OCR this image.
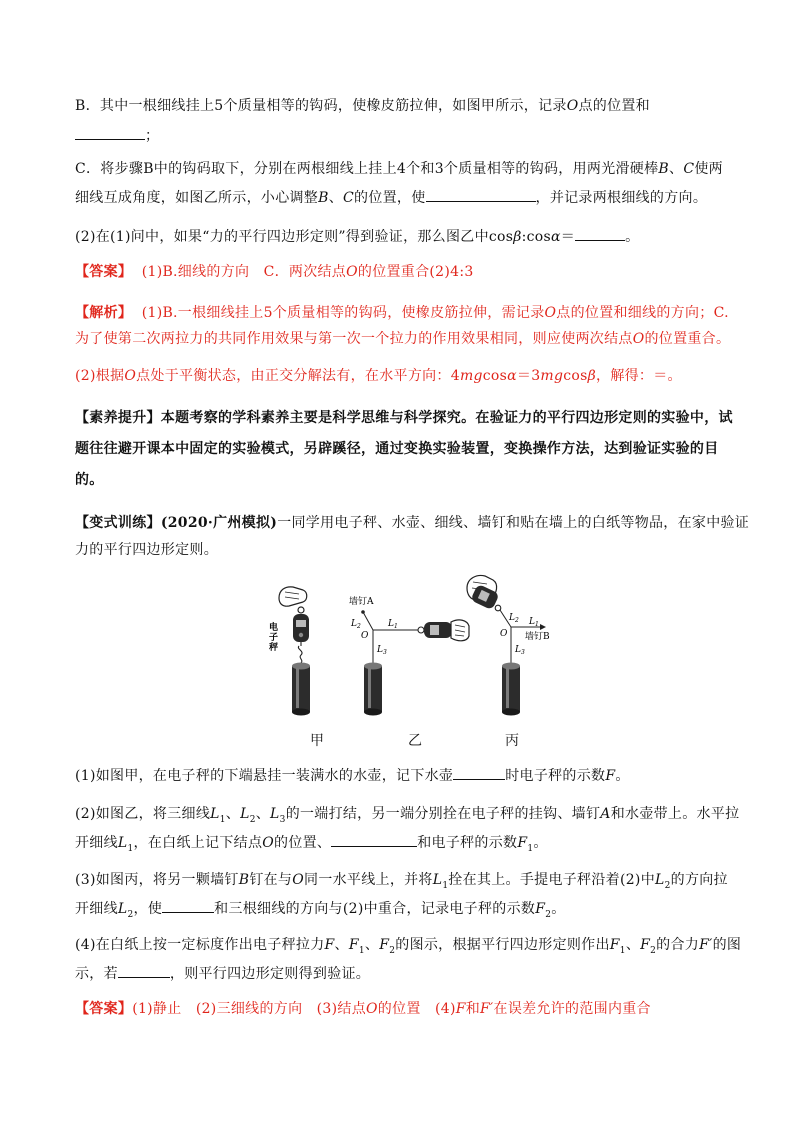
B．其中一根细线挂上5个质量相等的钩码，使橡皮筋拉伸，如图甲所示，记录O点的位置和
；
C．将步骤B中的钩码取下，分别在两根细线上挂上4个和3个质量相等的钩码，用两光滑硬棒B、C使两
细线互成角度，如图乙所示，小心调整B、C的位置，使	，并记录两根细线的方向。
(2)在(1)问中，如果“力的平行四边形定则”得到验证，那么图乙中cosβ:cosα＝	。
【答案】 (1)B.细线的方向　C．两次结点O的位置重合(2)4:3
【解析】 (1)B.一根细线挂上5个质量相等的钩码，使橡皮筋拉伸，需记录O点的位置和细线的方向；C.
为了使第二次两拉力的共同作用效果与第一次一个拉力的作用效果相同，则应使两次结点O的位置重合。
(2)根据O点处于平衡状态，由正交分解法有，在水平方向：4mgcosα＝3mgcosβ，解得：＝。
【素养提升】本题考察的学科素养主要是科学思维与科学探究。在验证力的平行四边形定则的实验中，试
题往往避开课本中固定的实验模式，另辟蹊径，通过变换实验装置，变换操作方法，达到验证实验的目
的。
【变式训练】(2020·广州模拟)一同学用电子秤、水壶、细线、墙钉和贴在墙上的白纸等物品，在家中验证
力的平行四边形定则。
电
子
秤
墙钉A
$L_2$	$L_1$
O
$L_3$
$L_2$ $L_1$
O 墙钉B
$L_3$
甲	乙	丙
(1)如图甲，在电子秤的下端悬挂一装满水的水壶，记下水壶	时电子秤的示数F。
(2)如图乙，将三细线$L_1$、$L_2$、$L_3$的一端打结，另一端分别拴在电子秤的挂钩、墙钉A和水壶带上。水平拉
开细线$L_1$，在白纸上记下结点O的位置、	和电子秤的示数$F_1$。
(3)如图丙，将另一颗墙钉B钉在与O同一水平线上，并将$L_1$拴在其上。手提电子秤沿着(2)中$L_2$的方向拉
开细线$L_2$，使	和三根细线的方向与(2)中重合，记录电子秤的示数$F_2$。
(4)在白纸上按一定标度作出电子秤拉力F、$F_1$、$F_2$的图示，根据平行四边形定则作出$F_1$、$F_2$的合力F′的图
示，若	，则平行四边形定则得到验证。
【答案】(1)静止　(2)三细线的方向　(3)结点O的位置　(4)F和F′在误差允许的范围内重合
